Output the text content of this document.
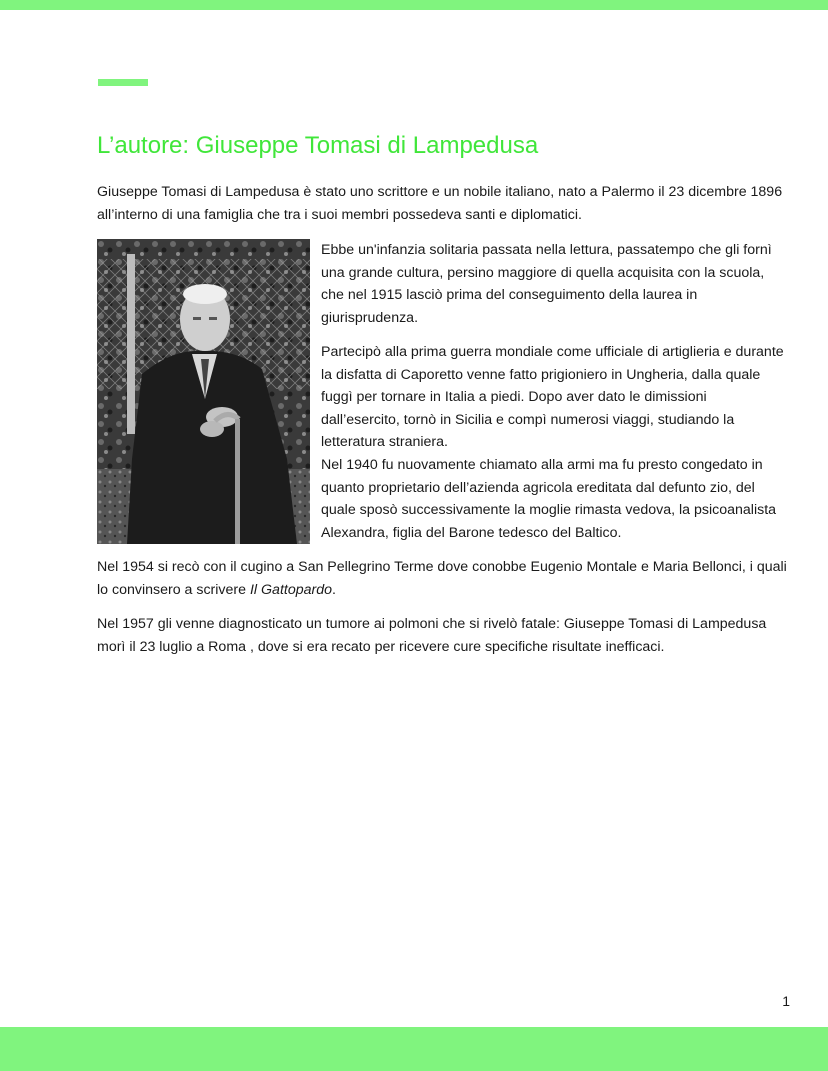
L’autore: Giuseppe Tomasi di Lampedusa

Giuseppe Tomasi di Lampedusa è stato uno scrittore e un nobile italiano, nato a Palermo il 23 dicembre 1896 all’interno di una famiglia che tra i suoi membri possedeva santi e diplomatici.

Ebbe un'infanzia solitaria passata nella lettura, passatempo che gli fornì una grande cultura, persino maggiore di quella acquisita con la scuola, che nel 1915 lasciò prima del conseguimento della laurea in giurisprudenza.

Partecipò alla prima guerra mondiale come ufficiale di artiglieria e durante la disfatta di Caporetto venne fatto prigioniero in Ungheria, dalla quale fuggì per tornare in Italia a piedi. Dopo aver dato le dimissioni dall’esercito, tornò in Sicilia e compì numerosi viaggi, studiando la letteratura straniera.

Nel 1940 fu nuovamente chiamato alla armi ma fu presto congedato in quanto proprietario dell’azienda agricola ereditata dal defunto zio, del quale sposò successivamente la moglie rimasta vedova, la psicoanalista Alexandra, figlia del Barone tedesco del Baltico.

Nel 1954 si recò con il cugino a San Pellegrino Terme dove conobbe Eugenio Montale e Maria Bellonci, i quali lo convinsero a scrivere Il Gattopardo.

Nel 1957 gli venne diagnosticato un tumore ai polmoni che si rivelò fatale: Giuseppe Tomasi di Lampedusa morì il 23 luglio a Roma , dove si era recato per ricevere cure specifiche risultate inefficaci.

1
